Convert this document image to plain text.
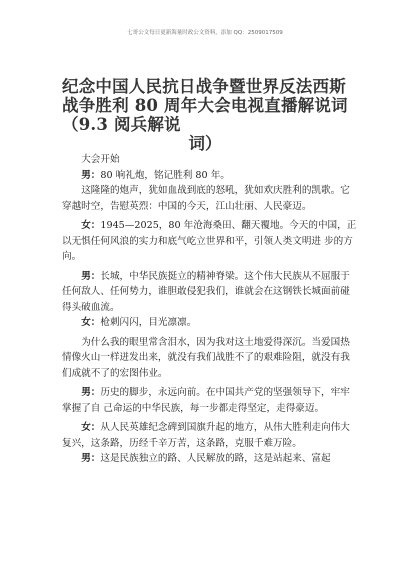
七哥公文每日更新海量时政公文资料，添加 QQ：2509017509
纪念中国人民抗日战争暨世界反法西斯战争胜利 80 周年大会电视直播解说词（9.3 阅兵解说
词）

大会开始

男：80 响礼炮，铭记胜利 80 年。

这隆隆的炮声，犹如血战到底的怒吼，犹如欢庆胜利的凯歌。它穿越时空，告慰英烈：中国的今天，江山壮丽、人民豪迈。

女：1945—2025，80 年沧海桑田、翻天覆地。今天的中国，正以无惧任何风浪的实力和底气屹立世界和平，引领人类文明进 步的方向。

男：长城，中华民族挺立的精神脊梁。这个伟大民族从不屈服于任何敌人、任何势力，谁胆敢侵犯我们，谁就会在这钢铁长城面前碰得头破血流。

女：枪刺闪闪，目光凛凛。

为什么我的眼里常含泪水，因为我对这土地爱得深沉。当爱国热情像火山一样迸发出来，就没有我们战胜不了的艰难险阻，就没有我们成就不了的宏图伟业。

男：历史的脚步，永远向前。在中国共产党的坚强领导下，牢牢掌握了自 己命运的中华民族，每一步都走得坚定，走得豪迈。

女：从人民英雄纪念碑到国旗升起的地方，从伟大胜利走向伟大复兴，这条路，历经千辛万苦，这条路，克服千难万险。

男：这是民族独立的路、人民解放的路，这是站起来、富起
